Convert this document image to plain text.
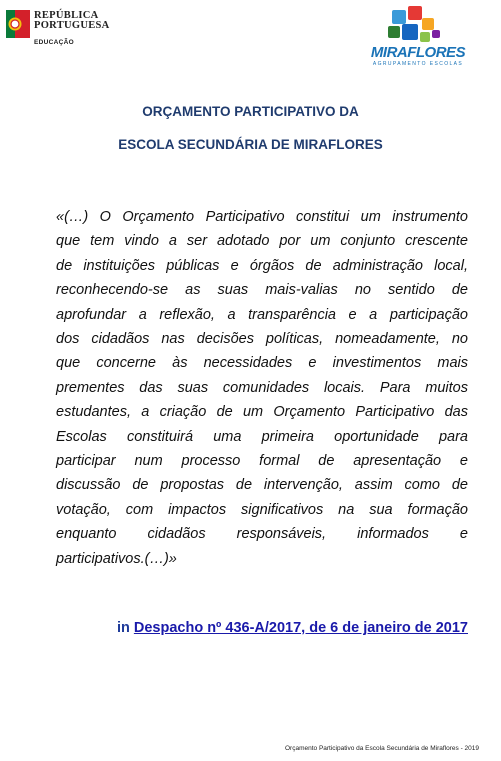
REPÚBLICA
PORTUGUESA
EDUCAÇÃO
MIRAFLORES
AGRUPAMENTO ESCOLAS
ORÇAMENTO PARTICIPATIVO DA
ESCOLA SECUNDÁRIA DE MIRAFLORES
«(…) O Orçamento Participativo constitui um instrumento
que tem vindo a ser adotado por um conjunto crescente
de instituições públicas e órgãos de administração local,
reconhecendo-se as suas mais-valias no sentido de
aprofundar a reflexão, a transparência e a participação
dos cidadãos nas decisões políticas, nomeadamente, no
que concerne às necessidades e investimentos mais
prementes das suas comunidades locais. Para muitos
estudantes, a criação de um Orçamento Participativo das
Escolas constituirá uma primeira oportunidade para
participar num processo formal de apresentação e
discussão de propostas de intervenção, assim como de
votação, com impactos significativos na sua formação
enquanto cidadãos responsáveis, informados e
participativos.(…)»
in Despacho nº 436-A/2017, de 6 de janeiro de 2017
Orçamento Participativo da Escola Secundária de Miraflores - 2019
